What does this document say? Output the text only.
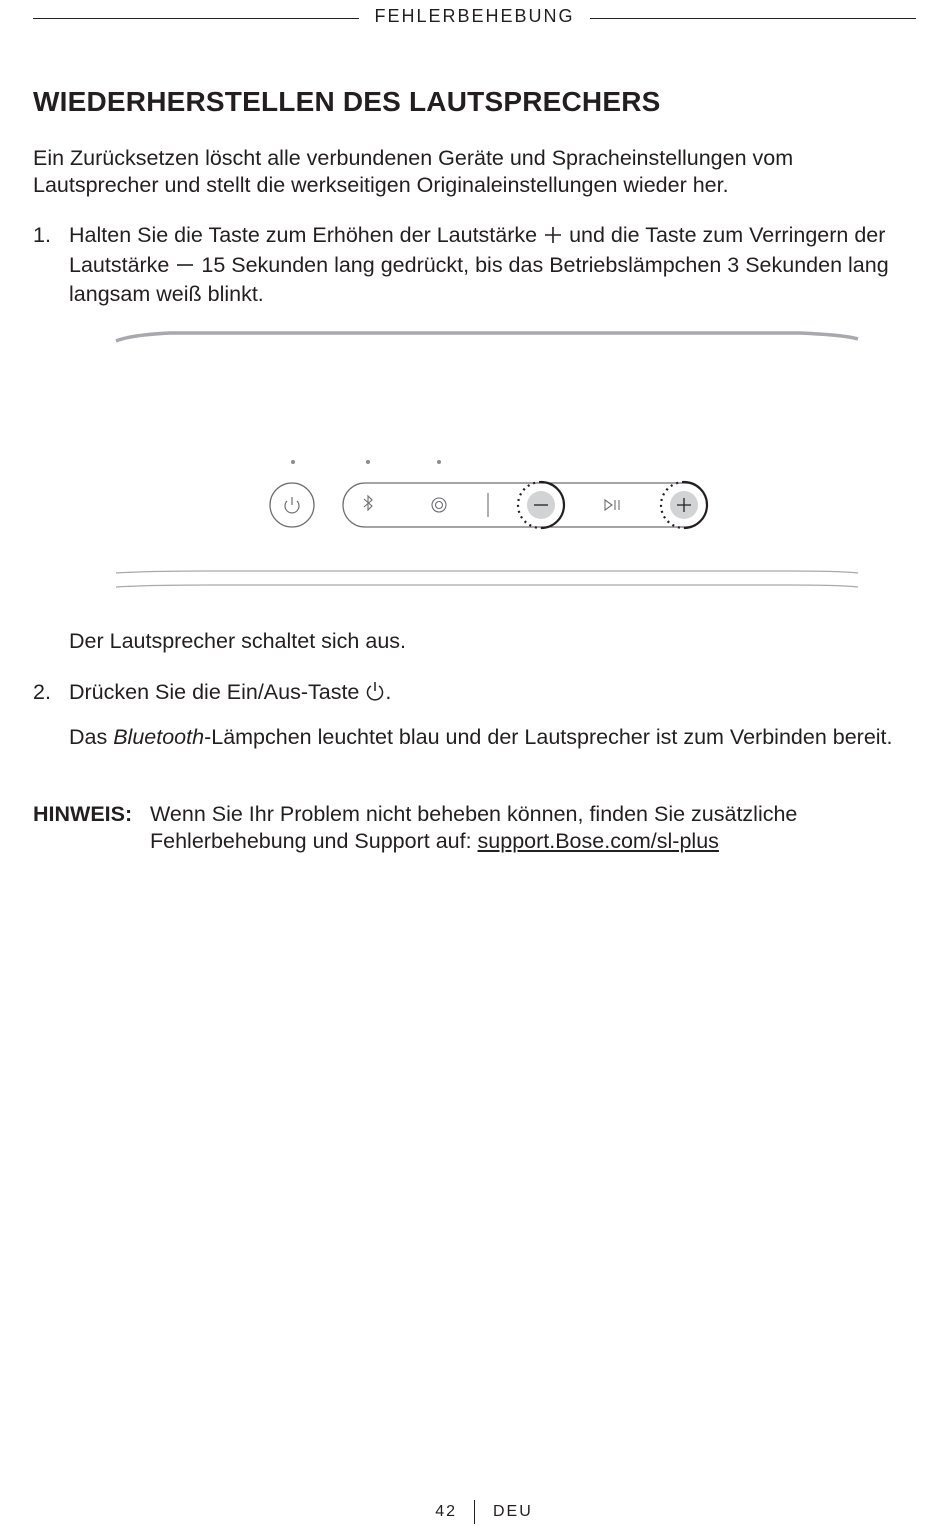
FEHLERBEHEBUNG
WIEDERHERSTELLEN DES LAUTSPRECHERS
Ein Zurücksetzen löscht alle verbundenen Geräte und Spracheinstellungen vom Lautsprecher und stellt die werkseitigen Originaleinstellungen wieder her.
1. Halten Sie die Taste zum Erhöhen der Lautstärke und die Taste zum Verringern der Lautstärke 15 Sekunden lang gedrückt, bis das Betriebslämpchen 3 Sekunden lang langsam weiß blinkt.
Der Lautsprecher schaltet sich aus.
2. Drücken Sie die Ein/Aus-Taste .
Das Bluetooth-Lämpchen leuchtet blau und der Lautsprecher ist zum Verbinden bereit.
HINWEIS: Wenn Sie Ihr Problem nicht beheben können, finden Sie zusätzliche Fehlerbehebung und Support auf: support.Bose.com/sl-plus
42 DEU
